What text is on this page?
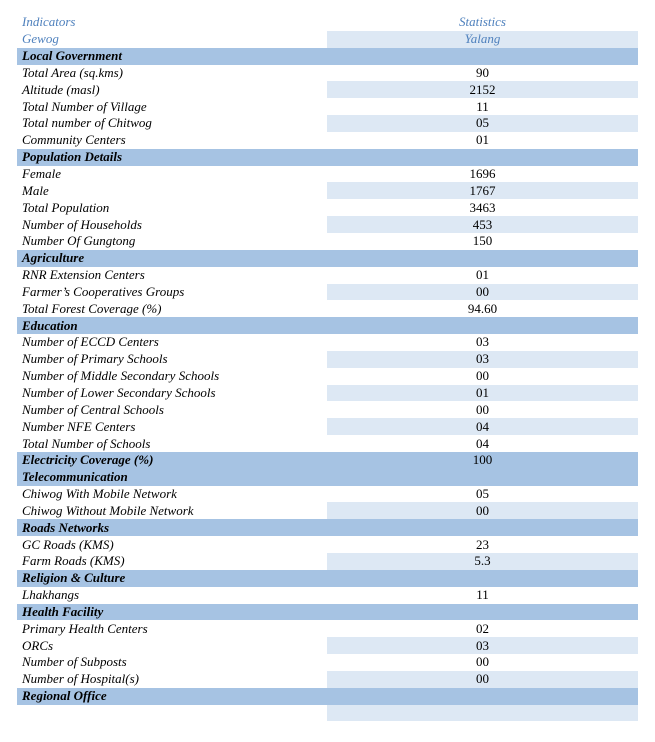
Indicators	Statistics
Gewog	Yalang
Local Government	
Total Area (sq.kms)	90
Altitude (masl)	2152
Total Number of Village	11
Total number of Chitwog	05
Community Centers	01
Population Details	
Female	1696
Male	1767
Total Population	3463
Number of Households	453
Number Of Gungtong	150
Agriculture	
RNR Extension Centers	01
Farmer’s Cooperatives Groups	00
Total Forest Coverage (%)	94.60
Education	
Number of ECCD Centers	03
Number of Primary Schools	03
Number of Middle Secondary Schools	00
Number of Lower Secondary Schools	01
Number of Central Schools	00
Number NFE Centers	04
Total Number of Schools	04
Electricity Coverage (%)	100
Telecommunication	
Chiwog With Mobile Network	05
Chiwog Without Mobile Network	00
Roads Networks	
GC Roads (KMS)	23
Farm Roads (KMS)	5.3
Religion & Culture	
Lhakhangs	11
Health Facility	
Primary Health Centers	02
ORCs	03
Number of Subposts	00
Number of Hospital(s)	00
Regional Office	
